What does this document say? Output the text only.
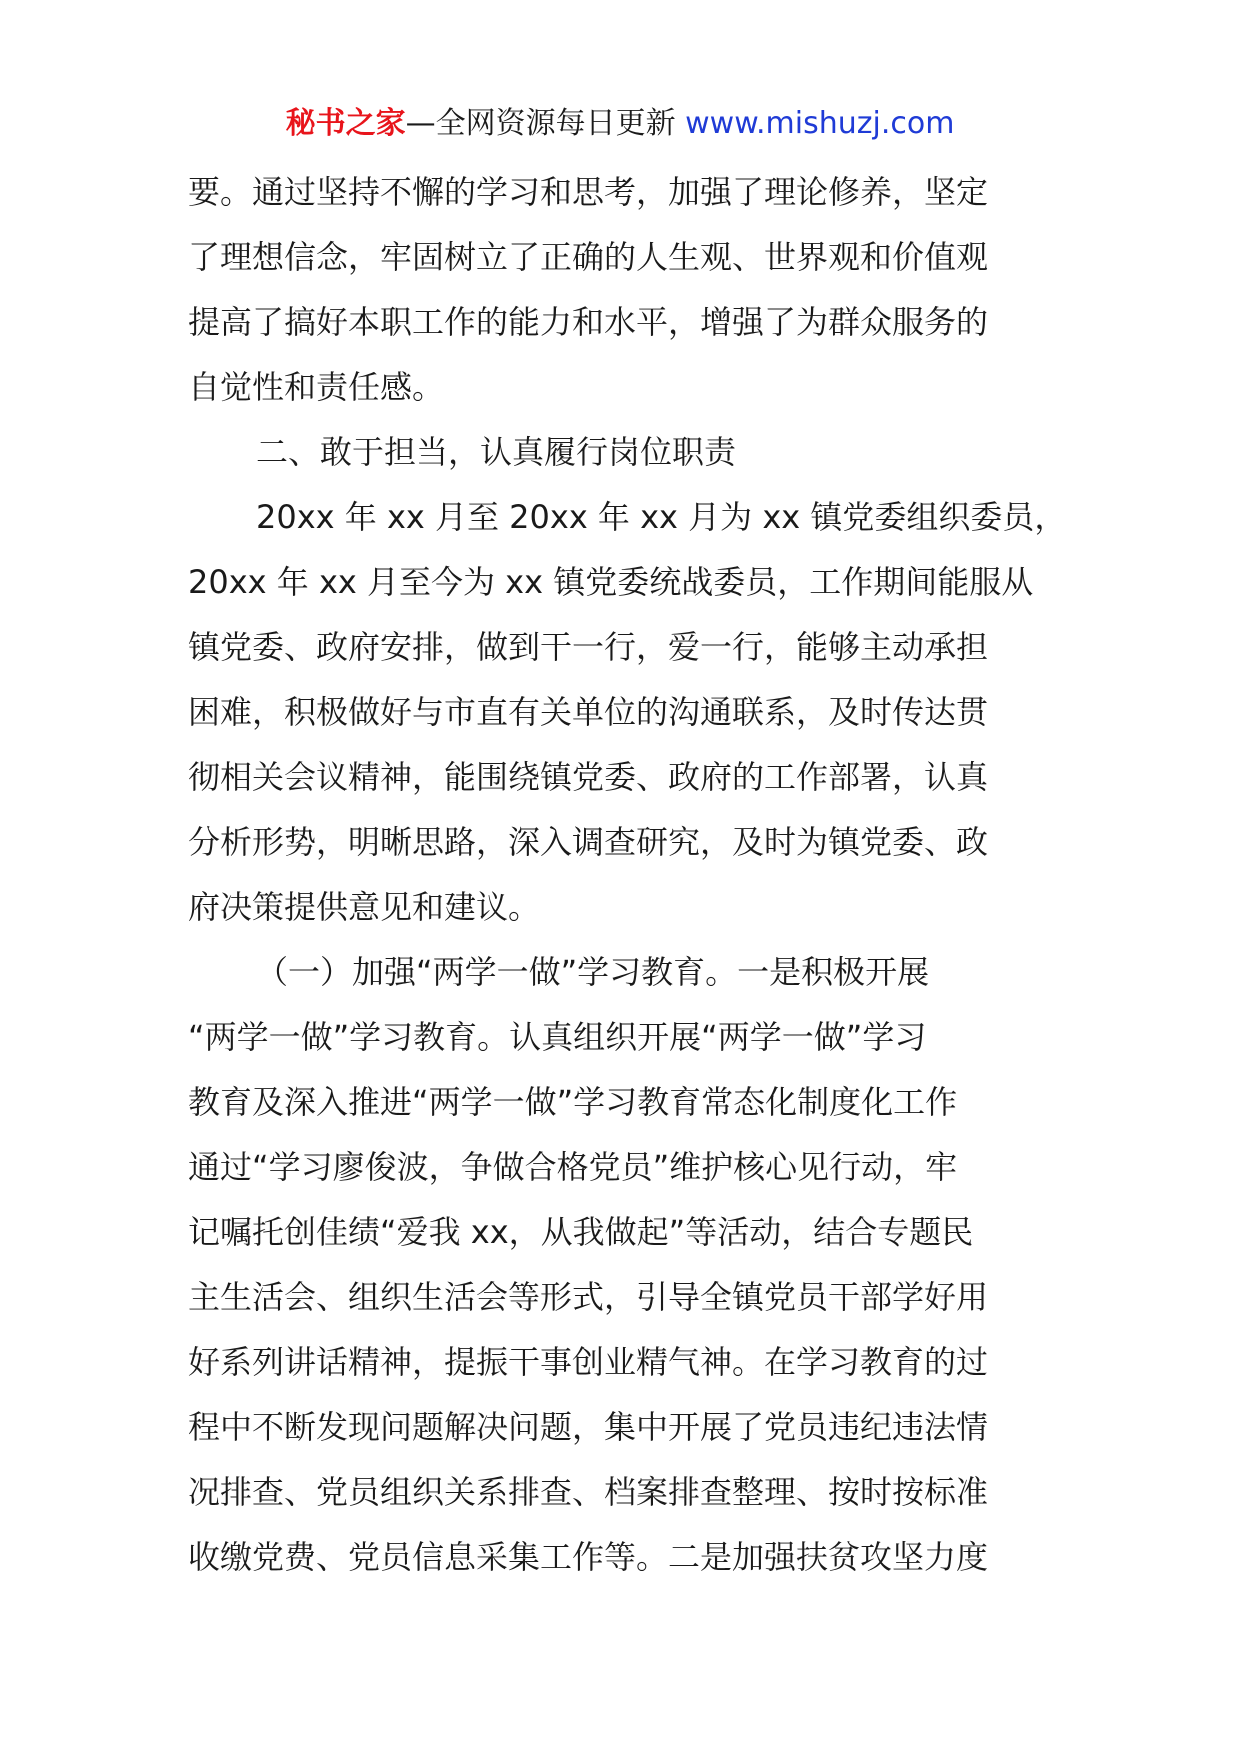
秘书之家—全网资源每日更新 www.mishuzj.com
要。通过坚持不懈的学习和思考，加强了理论修养，坚定
了理想信念，牢固树立了正确的人生观、世界观和价值观
提高了搞好本职工作的能力和水平，增强了为群众服务的
自觉性和责任感。
二、敢于担当，认真履行岗位职责
20xx 年 xx 月至 20xx 年 xx 月为 xx 镇党委组织委员，
20xx 年 xx 月至今为 xx 镇党委统战委员，工作期间能服从
镇党委、政府安排，做到干一行，爱一行，能够主动承担
困难，积极做好与市直有关单位的沟通联系，及时传达贯
彻相关会议精神，能围绕镇党委、政府的工作部署，认真
分析形势，明晰思路，深入调查研究，及时为镇党委、政
府决策提供意见和建议。
（一）加强“两学一做”学习教育。一是积极开展
“两学一做”学习教育。认真组织开展“两学一做”学习
教育及深入推进“两学一做”学习教育常态化制度化工作
通过“学习廖俊波，争做合格党员”维护核心见行动，牢
记嘱托创佳绩“爱我 xx，从我做起”等活动，结合专题民
主生活会、组织生活会等形式，引导全镇党员干部学好用
好系列讲话精神，提振干事创业精气神。在学习教育的过
程中不断发现问题解决问题，集中开展了党员违纪违法情
况排查、党员组织关系排查、档案排查整理、按时按标准
收缴党费、党员信息采集工作等。二是加强扶贫攻坚力度
